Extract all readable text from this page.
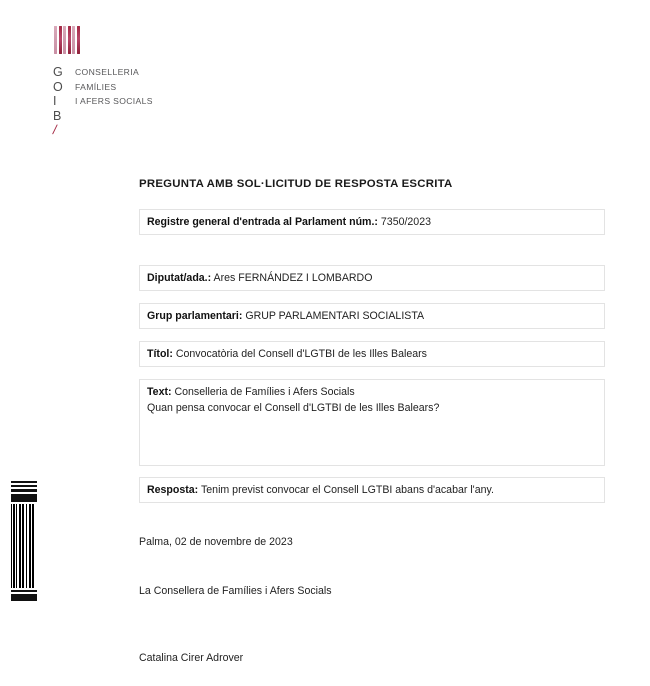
G
O
I
B
/
CONSELLERIA
FAMÍLIES
I AFERS SOCIALS
PREGUNTA AMB SOL·LICITUD DE RESPOSTA ESCRITA
Registre general d'entrada al Parlament núm.: 7350/2023
Diputat/ada.: Ares FERNÁNDEZ I LOMBARDO
Grup parlamentari: GRUP PARLAMENTARI SOCIALISTA
Títol: Convocatòria del Consell d'LGTBI de les Illes Balears
Text: Conselleria de Famílies i Afers Socials
Quan pensa convocar el Consell d'LGTBI de les Illes Balears?
Resposta: Tenim previst convocar el Consell LGTBI abans d'acabar l'any.
Palma, 02 de novembre de 2023
La Consellera de Famílies i Afers Socials
Catalina Cirer Adrover
